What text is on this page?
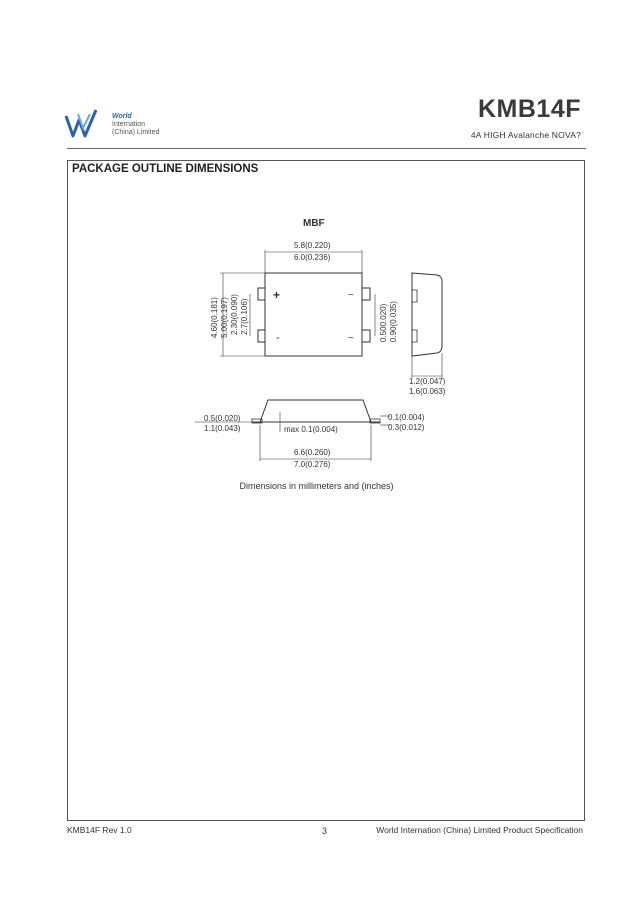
World
Internation
(China) Limited
KMB14F
4A HIGH Avalanche NOVA?
PACKAGE OUTLINE DIMENSIONS
+
-
~
~
MBF
5.8(0.220)
6.0(0.236)
4.60(0.181) 5.00(0.197) 2.30(0.090) 2.7(0.106)	0.500.020) 0.90(0.035)
1.2(0.047)
1.6(0.063)
0.5(0.020)
1.1(0.043)	max 0.1(0.004)
0.1(0.004)
0.3(0.012)
6.6(0.260)
7.0(0.276)
Dimensions in millimeters and (inches)
KMB14F Rev 1.0	3	World Internation (China) Limited Product Specification
